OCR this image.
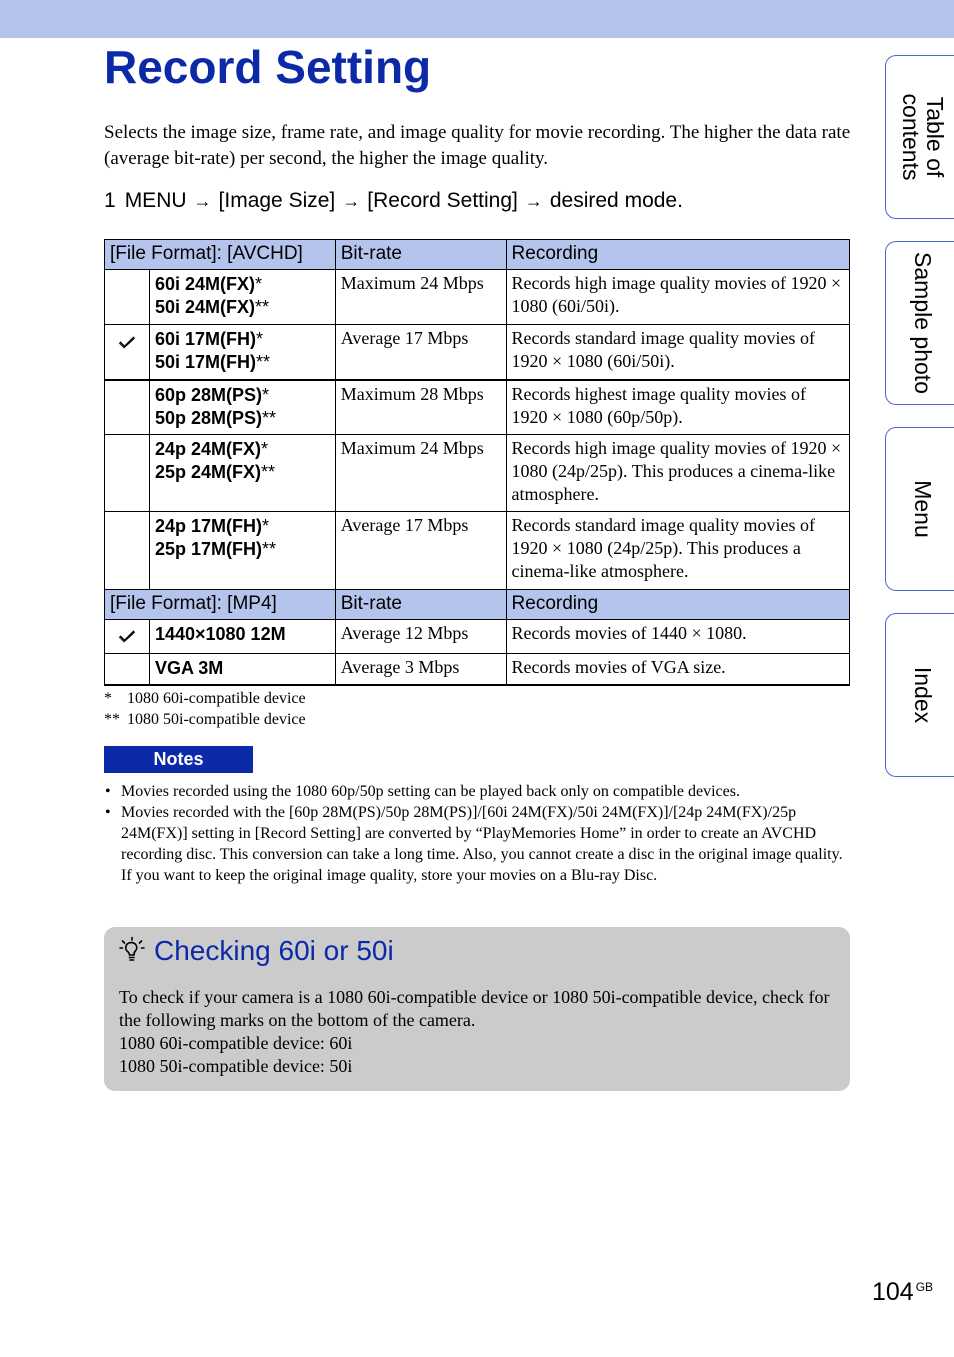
Record Setting

Selects the image size, frame rate, and image quality for movie recording. The higher the data rate (average bit-rate) per second, the higher the image quality.

1 MENU → [Image Size] → [Record Setting] → desired mode.
[File Format]: [AVCHD]		Bit-rate	Recording
	60i 24M(FX)*
50i 24M(FX)**	Maximum 24 Mbps	Records high image quality movies of 1920 × 1080 (60i/50i).
	60i 17M(FH)*
50i 17M(FH)**	Average 17 Mbps	Records standard image quality movies of 1920 × 1080 (60i/50i).
	60p 28M(PS)*
50p 28M(PS)**	Maximum 28 Mbps	Records highest image quality movies of 1920 × 1080 (60p/50p).
	24p 24M(FX)*
25p 24M(FX)**	Maximum 24 Mbps	Records high image quality movies of 1920 × 1080 (24p/25p). This produces a cinema-like atmosphere.
	24p 17M(FH)*
25p 17M(FH)**	Average 17 Mbps	Records standard image quality movies of 1920 × 1080 (24p/25p). This produces a cinema-like atmosphere.
[File Format]: [MP4]		Bit-rate	Recording
	1440×1080 12M	Average 12 Mbps	Records movies of 1440 × 1080.
	VGA 3M	Average 3 Mbps	Records movies of VGA size.
* 1080 60i-compatible device
** 1080 50i-compatible device
Notes
• Movies recorded using the 1080 60p/50p setting can be played back only on compatible devices.
• Movies recorded with the [60p 28M(PS)/50p 28M(PS)]/[60i 24M(FX)/50i 24M(FX)]/[24p 24M(FX)/25p 24M(FX)] setting in [Record Setting] are converted by “PlayMemories Home” in order to create an AVCHD recording disc. This conversion can take a long time. Also, you cannot create a disc in the original image quality. If you want to keep the original image quality, store your movies on a Blu-ray Disc.
Checking 60i or 50i
To check if your camera is a 1080 60i-compatible device or 1080 50i-compatible device, check for the following marks on the bottom of the camera.
1080 60i-compatible device: 60i
1080 50i-compatible device: 50i
Table of
contents
Sample photo
Menu
Index
104 $^{GB}$
